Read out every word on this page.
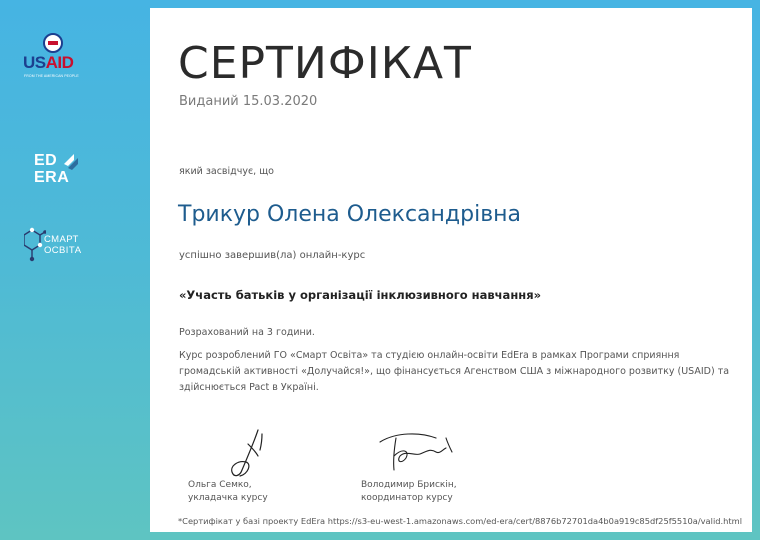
USAID
FROM THE AMERICAN PEOPLE
ED
ERA
СМАРТ
ОСВІТА
СЕРТИФІКАТ
Виданий 15.03.2020
який засвідчує, що
Трикур Олена Олександрівна
успішно завершив(ла) онлайн-курс
«Участь батьків у організації інклюзивного навчання»
Розрахований на 3 години.
Курс розроблений ГО «Смарт Освіта» та студією онлайн-освіти EdEra в рамках Програми сприяння громадській активності «Долучайся!», що фінансується Агенством США з міжнародного розвитку (USAID) та здійснюється Pact в Україні.
Ольга Семко,
укладачка курсу
Володимир Брискін,
координатор курсу
*Сертифікат у базі проекту EdEra https://s3-eu-west-1.amazonaws.com/ed-era/cert/8876b72701da4b0a919c85df25f5510a/valid.html
